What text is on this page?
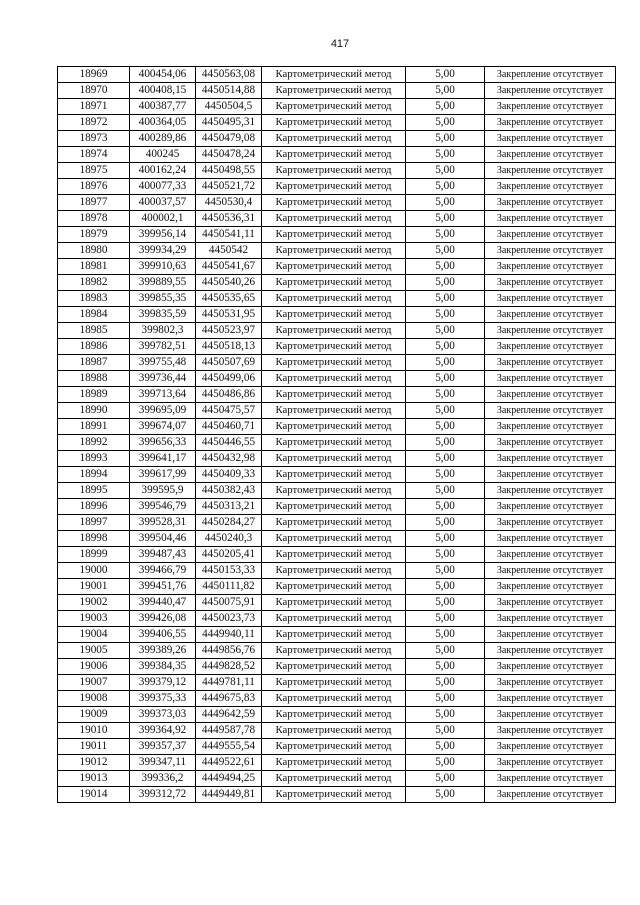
417
18969	400454,06	4450563,08	Картометрический метод	5,00	Закрепление отсутствует
18970	400408,15	4450514,88	Картометрический метод	5,00	Закрепление отсутствует
18971	400387,77	4450504,5	Картометрический метод	5,00	Закрепление отсутствует
18972	400364,05	4450495,31	Картометрический метод	5,00	Закрепление отсутствует
18973	400289,86	4450479,08	Картометрический метод	5,00	Закрепление отсутствует
18974	400245	4450478,24	Картометрический метод	5,00	Закрепление отсутствует
18975	400162,24	4450498,55	Картометрический метод	5,00	Закрепление отсутствует
18976	400077,33	4450521,72	Картометрический метод	5,00	Закрепление отсутствует
18977	400037,57	4450530,4	Картометрический метод	5,00	Закрепление отсутствует
18978	400002,1	4450536,31	Картометрический метод	5,00	Закрепление отсутствует
18979	399956,14	4450541,11	Картометрический метод	5,00	Закрепление отсутствует
18980	399934,29	4450542	Картометрический метод	5,00	Закрепление отсутствует
18981	399910,63	4450541,67	Картометрический метод	5,00	Закрепление отсутствует
18982	399889,55	4450540,26	Картометрический метод	5,00	Закрепление отсутствует
18983	399855,35	4450535,65	Картометрический метод	5,00	Закрепление отсутствует
18984	399835,59	4450531,95	Картометрический метод	5,00	Закрепление отсутствует
18985	399802,3	4450523,97	Картометрический метод	5,00	Закрепление отсутствует
18986	399782,51	4450518,13	Картометрический метод	5,00	Закрепление отсутствует
18987	399755,48	4450507,69	Картометрический метод	5,00	Закрепление отсутствует
18988	399736,44	4450499,06	Картометрический метод	5,00	Закрепление отсутствует
18989	399713,64	4450486,86	Картометрический метод	5,00	Закрепление отсутствует
18990	399695,09	4450475,57	Картометрический метод	5,00	Закрепление отсутствует
18991	399674,07	4450460,71	Картометрический метод	5,00	Закрепление отсутствует
18992	399656,33	4450446,55	Картометрический метод	5,00	Закрепление отсутствует
18993	399641,17	4450432,98	Картометрический метод	5,00	Закрепление отсутствует
18994	399617,99	4450409,33	Картометрический метод	5,00	Закрепление отсутствует
18995	399595,9	4450382,43	Картометрический метод	5,00	Закрепление отсутствует
18996	399546,79	4450313,21	Картометрический метод	5,00	Закрепление отсутствует
18997	399528,31	4450284,27	Картометрический метод	5,00	Закрепление отсутствует
18998	399504,46	4450240,3	Картометрический метод	5,00	Закрепление отсутствует
18999	399487,43	4450205,41	Картометрический метод	5,00	Закрепление отсутствует
19000	399466,79	4450153,33	Картометрический метод	5,00	Закрепление отсутствует
19001	399451,76	4450111,82	Картометрический метод	5,00	Закрепление отсутствует
19002	399440,47	4450075,91	Картометрический метод	5,00	Закрепление отсутствует
19003	399426,08	4450023,73	Картометрический метод	5,00	Закрепление отсутствует
19004	399406,55	4449940,11	Картометрический метод	5,00	Закрепление отсутствует
19005	399389,26	4449856,76	Картометрический метод	5,00	Закрепление отсутствует
19006	399384,35	4449828,52	Картометрический метод	5,00	Закрепление отсутствует
19007	399379,12	4449781,11	Картометрический метод	5,00	Закрепление отсутствует
19008	399375,33	4449675,83	Картометрический метод	5,00	Закрепление отсутствует
19009	399373,03	4449642,59	Картометрический метод	5,00	Закрепление отсутствует
19010	399364,92	4449587,78	Картометрический метод	5,00	Закрепление отсутствует
19011	399357,37	4449555,54	Картометрический метод	5,00	Закрепление отсутствует
19012	399347,11	4449522,61	Картометрический метод	5,00	Закрепление отсутствует
19013	399336,2	4449494,25	Картометрический метод	5,00	Закрепление отсутствует
19014	399312,72	4449449,81	Картометрический метод	5,00	Закрепление отсутствует
